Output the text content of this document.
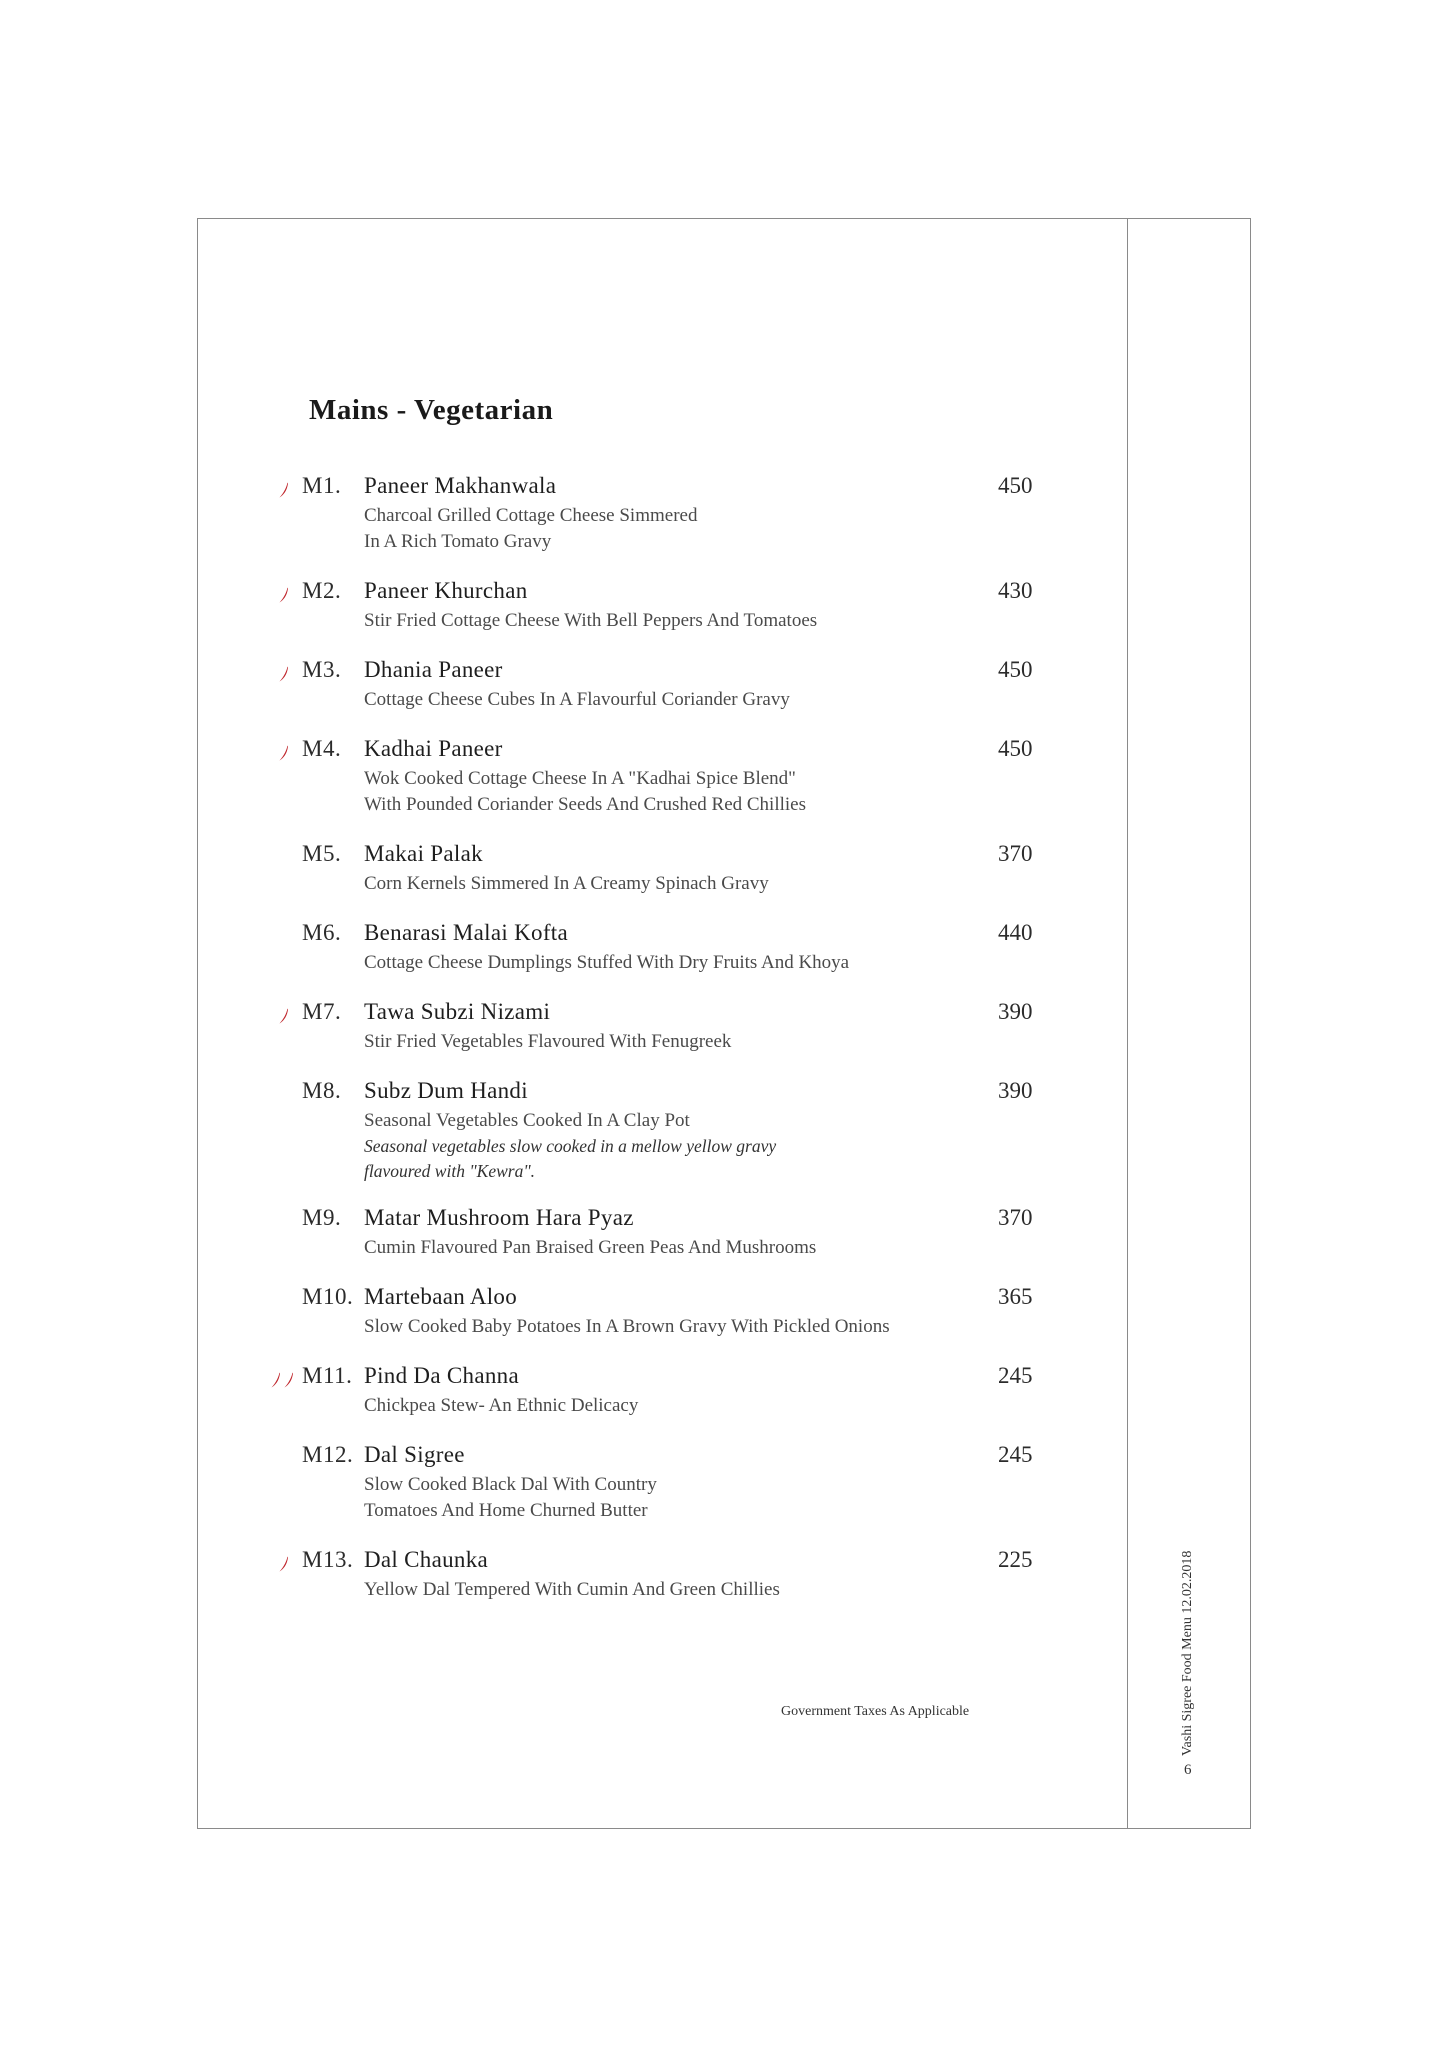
Mains - Vegetarian
M1. Paneer Makhanwala	450
Charcoal Grilled Cottage Cheese Simmered
In A Rich Tomato Gravy
M2. Paneer Khurchan	430
Stir Fried Cottage Cheese With Bell Peppers And Tomatoes
M3. Dhania Paneer	450
Cottage Cheese Cubes In A Flavourful Coriander Gravy
M4. Kadhai Paneer	450
Wok Cooked Cottage Cheese In A "Kadhai Spice Blend"
With Pounded Coriander Seeds And Crushed Red Chillies
M5. Makai Palak	370
Corn Kernels Simmered In A Creamy Spinach Gravy
M6. Benarasi Malai Kofta	440
Cottage Cheese Dumplings Stuffed With Dry Fruits And Khoya
M7. Tawa Subzi Nizami	390
Stir Fried Vegetables Flavoured With Fenugreek
M8. Subz Dum Handi	390
Seasonal Vegetables Cooked In A Clay Pot
Seasonal vegetables slow cooked in a mellow yellow gravy
flavoured with "Kewra".
M9. Matar Mushroom Hara Pyaz	370
Cumin Flavoured Pan Braised Green Peas And Mushrooms
M10. Martebaan Aloo	365
Slow Cooked Baby Potatoes In A Brown Gravy With Pickled Onions
M11. Pind Da Channa	245
Chickpea Stew- An Ethnic Delicacy
M12. Dal Sigree	245
Slow Cooked Black Dal With Country
Tomatoes And Home Churned Butter
M13. Dal Chaunka	225
Yellow Dal Tempered With Cumin And Green Chillies
Government Taxes As Applicable	Vashi Sigree Food Menu 12.02.2018
6
